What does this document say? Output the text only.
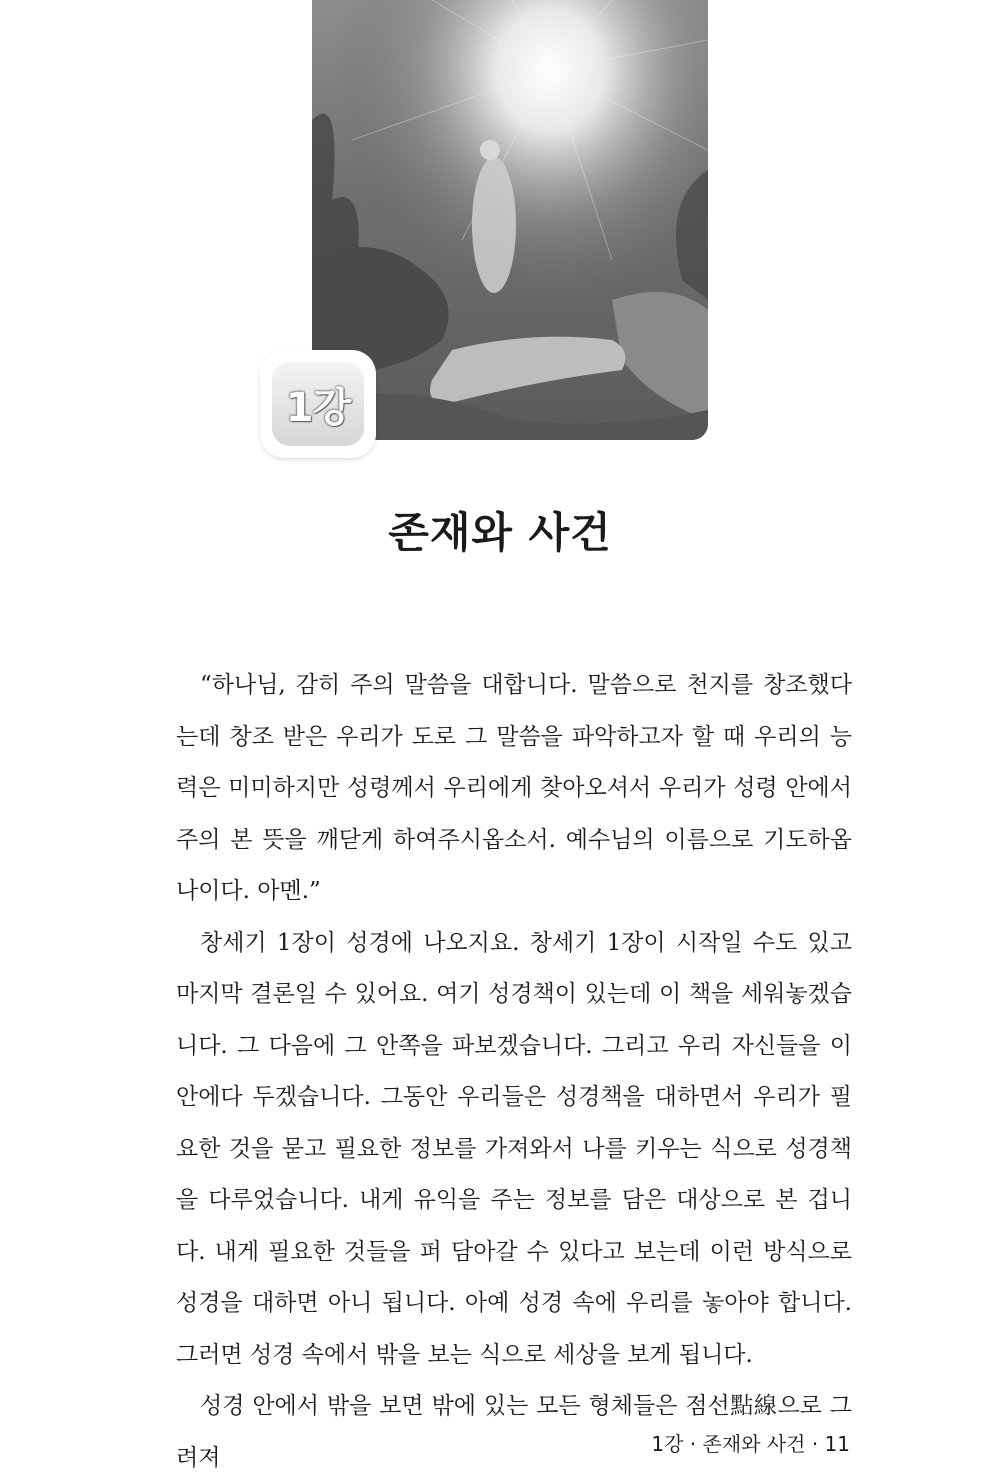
1강
존재와 사건

“하나님, 감히 주의 말씀을 대합니다. 말씀으로 천지를 창조했다는데 창조 받은 우리가 도로 그 말씀을 파악하고자 할 때 우리의 능력은 미미하지만 성령께서 우리에게 찾아오셔서 우리가 성령 안에서 주의 본 뜻을 깨닫게 하여주시옵소서. 예수님의 이름으로 기도하옵나이다. 아멘.”

창세기 1장이 성경에 나오지요. 창세기 1장이 시작일 수도 있고 마지막 결론일 수 있어요. 여기 성경책이 있는데 이 책을 세워놓겠습니다. 그 다음에 그 안쪽을 파보겠습니다. 그리고 우리 자신들을 이 안에다 두겠습니다. 그동안 우리들은 성경책을 대하면서 우리가 필요한 것을 묻고 필요한 정보를 가져와서 나를 키우는 식으로 성경책을 다루었습니다. 내게 유익을 주는 정보를 담은 대상으로 본 겁니다. 내게 필요한 것들을 퍼 담아갈 수 있다고 보는데 이런 방식으로 성경을 대하면 아니 됩니다. 아예 성경 속에 우리를 놓아야 합니다. 그러면 성경 속에서 밖을 보는 식으로 세상을 보게 됩니다.

성경 안에서 밖을 보면 밖에 있는 모든 형체들은 점선點線으로 그려져

1강 · 존재와 사건 · 11
